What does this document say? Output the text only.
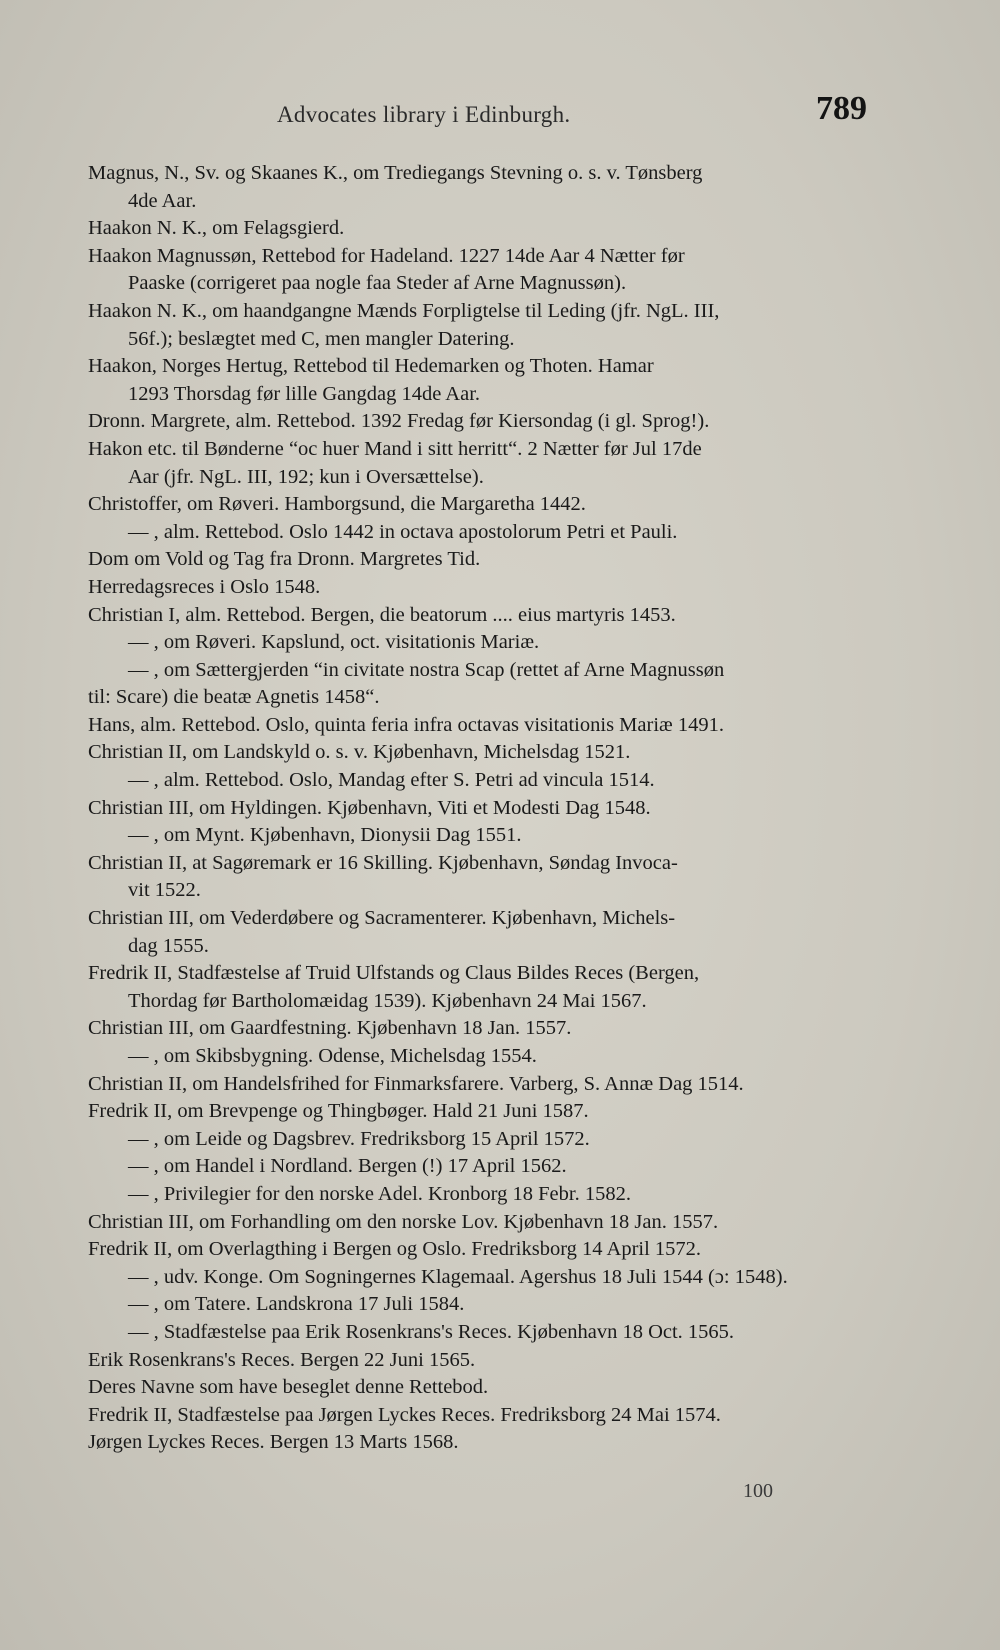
Advocates library i Edinburgh.	789

Magnus, N., Sv. og Skaanes K., om Trediegangs Stevning o. s. v. Tønsberg

4de Aar.

Haakon N. K., om Felagsgierd.

Haakon Magnussøn, Rettebod for Hadeland. 1227 14de Aar 4 Nætter før

Paaske (corrigeret paa nogle faa Steder af Arne Magnussøn).

Haakon N. K., om haandgangne Mænds Forpligtelse til Leding (jfr. NgL. III,

56f.); beslægtet med C, men mangler Datering.

Haakon, Norges Hertug, Rettebod til Hedemarken og Thoten. Hamar

1293 Thorsdag før lille Gangdag 14de Aar.

Dronn. Margrete, alm. Rettebod. 1392 Fredag før Kiersondag (i gl. Sprog!).

Hakon etc. til Bønderne “oc huer Mand i sitt herritt“. 2 Nætter før Jul 17de

Aar (jfr. NgL. III, 192; kun i Oversættelse).

Christoffer, om Røveri. Hamborgsund, die Margaretha 1442.

— , alm. Rettebod. Oslo 1442 in octava apostolorum Petri et Pauli.

Dom om Vold og Tag fra Dronn. Margretes Tid.

Herredagsreces i Oslo 1548.

Christian I, alm. Rettebod. Bergen, die beatorum .... eius martyris 1453.

— , om Røveri. Kapslund, oct. visitationis Mariæ.

— , om Sættergjerden “in civitate nostra Scap (rettet af Arne Magnussøn

til: Scare) die beatæ Agnetis 1458“.

Hans, alm. Rettebod. Oslo, quinta feria infra octavas visitationis Mariæ 1491.

Christian II, om Landskyld o. s. v. Kjøbenhavn, Michelsdag 1521.

— , alm. Rettebod. Oslo, Mandag efter S. Petri ad vincula 1514.

Christian III, om Hyldingen. Kjøbenhavn, Viti et Modesti Dag 1548.

— , om Mynt. Kjøbenhavn, Dionysii Dag 1551.

Christian II, at Sagøremark er 16 Skilling. Kjøbenhavn, Søndag Invoca-

vit 1522.

Christian III, om Vederdøbere og Sacramenterer. Kjøbenhavn, Michels-

dag 1555.

Fredrik II, Stadfæstelse af Truid Ulfstands og Claus Bildes Reces (Bergen,

Thordag før Bartholomæidag 1539). Kjøbenhavn 24 Mai 1567.

Christian III, om Gaardfestning. Kjøbenhavn 18 Jan. 1557.

— , om Skibsbygning. Odense, Michelsdag 1554.

Christian II, om Handelsfrihed for Finmarksfarere. Varberg, S. Annæ Dag 1514.

Fredrik II, om Brevpenge og Thingbøger. Hald 21 Juni 1587.

— , om Leide og Dagsbrev. Fredriksborg 15 April 1572.

— , om Handel i Nordland. Bergen (!) 17 April 1562.

— , Privilegier for den norske Adel. Kronborg 18 Febr. 1582.

Christian III, om Forhandling om den norske Lov. Kjøbenhavn 18 Jan. 1557.

Fredrik II, om Overlagthing i Bergen og Oslo. Fredriksborg 14 April 1572.

— , udv. Konge. Om Sogningernes Klagemaal. Agershus 18 Juli 1544 (ɔ: 1548).

— , om Tatere. Landskrona 17 Juli 1584.

— , Stadfæstelse paa Erik Rosenkrans's Reces. Kjøbenhavn 18 Oct. 1565.

Erik Rosenkrans's Reces. Bergen 22 Juni 1565.

Deres Navne som have beseglet denne Rettebod.

Fredrik II, Stadfæstelse paa Jørgen Lyckes Reces. Fredriksborg 24 Mai 1574.

Jørgen Lyckes Reces. Bergen 13 Marts 1568.

100
